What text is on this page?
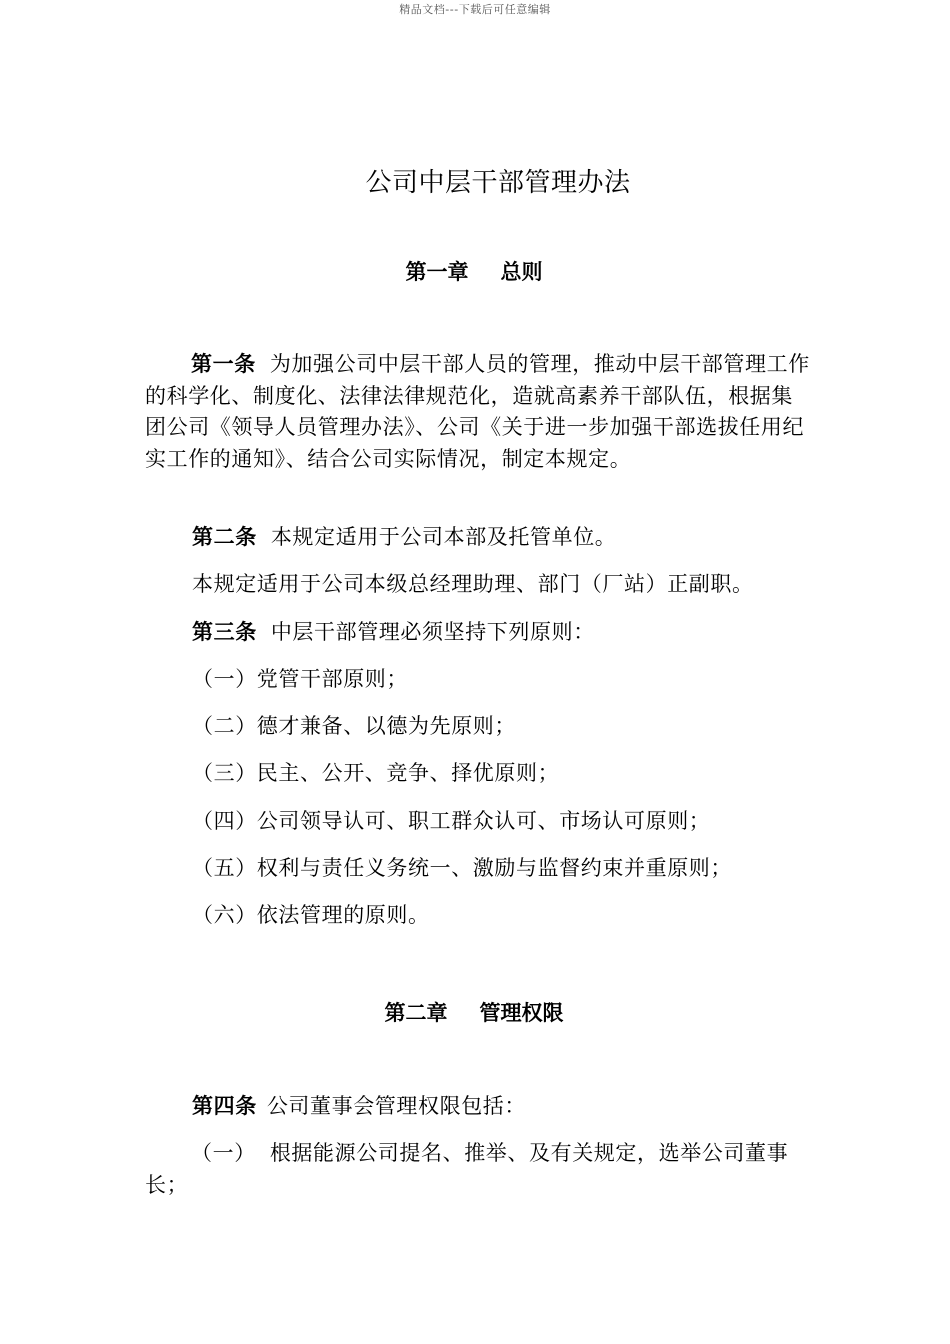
精品文档---下载后可任意编辑
公司中层干部管理办法
第一章 总则
第一条 为加强公司中层干部人员的管理，推动中层干部管理工作的科学化、制度化、法律法律规范化，造就高素养干部队伍，根据集团公司《领导人员管理办法》、公司《关于进一步加强干部选拔任用纪实工作的通知》、结合公司实际情况，制定本规定。
第二条 本规定适用于公司本部及托管单位。
本规定适用于公司本级总经理助理、部门（厂站）正副职。
第三条 中层干部管理必须坚持下列原则：
（一）党管干部原则；
（二）德才兼备、以德为先原则；
（三）民主、公开、竞争、择优原则；
（四）公司领导认可、职工群众认可、市场认可原则；
（五）权利与责任义务统一、激励与监督约束并重原则；
（六）依法管理的原则。
第二章 管理权限
第四条 公司董事会管理权限包括：
（一） 根据能源公司提名、推举、及有关规定，选举公司董事长；
